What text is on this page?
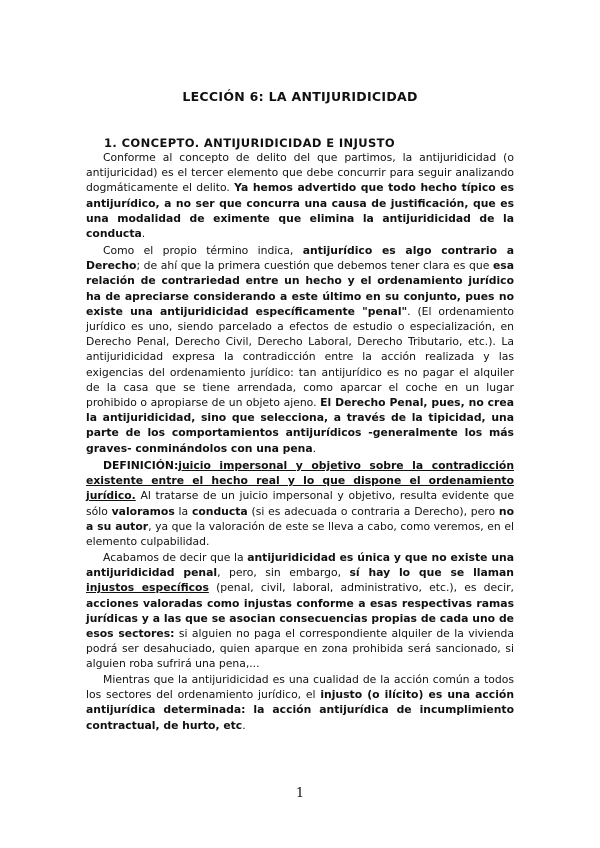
LECCIÓN 6: LA ANTIJURIDICIDAD
1. CONCEPTO. ANTIJURIDICIDAD E INJUSTO

Conforme al concepto de delito del que partimos, la antijuridicidad (o antijuricidad) es el tercer elemento que debe concurrir para seguir analizando dogmáticamente el delito. Ya hemos advertido que todo hecho típico es antijurídico, a no ser que concurra una causa de justificación, que es una modalidad de eximente que elimina la antijuridicidad de la conducta.

Como el propio término indica, antijurídico es algo contrario a Derecho; de ahí que la primera cuestión que debemos tener clara es que esa relación de contrariedad entre un hecho y el ordenamiento jurídico ha de apreciarse considerando a este último en su conjunto, pues no existe una antijuridicidad específicamente "penal". (El ordenamiento jurídico es uno, siendo parcelado a efectos de estudio o especialización, en Derecho Penal, Derecho Civil, Derecho Laboral, Derecho Tributario, etc.). La antijuridicidad expresa la contradicción entre la acción realizada y las exigencias del ordenamiento jurídico: tan antijurídico es no pagar el alquiler de la casa que se tiene arrendada, como aparcar el coche en un lugar prohibido o apropiarse de un objeto ajeno. El Derecho Penal, pues, no crea la antijuridicidad, sino que selecciona, a través de la tipicidad, una parte de los comportamientos antijurídicos -generalmente los más graves- conminándolos con una pena.

DEFINICIÓN:juicio impersonal y objetivo sobre la contradicción existente entre el hecho real y lo que dispone el ordenamiento jurídico. Al tratarse de un juicio impersonal y objetivo, resulta evidente que sólo valoramos la conducta (si es adecuada o contraria a Derecho), pero no a su autor, ya que la valoración de este se lleva a cabo, como veremos, en el elemento culpabilidad.

Acabamos de decir que la antijuridicidad es única y que no existe una antijuridicidad penal, pero, sin embargo, sí hay lo que se llaman injustos específicos (penal, civil, laboral, administrativo, etc.), es decir, acciones valoradas como injustas conforme a esas respectivas ramas jurídicas y a las que se asocian consecuencias propias de cada uno de esos sectores: si alguien no paga el correspondiente alquiler de la vivienda podrá ser desahuciado, quien aparque en zona prohibida será sancionado, si alguien roba sufrirá una pena,...

Mientras que la antijuridicidad es una cualidad de la acción común a todos los sectores del ordenamiento jurídico, el injusto (o ilícito) es una acción antijurídica determinada: la acción antijurídica de incumplimiento contractual, de hurto, etc.

1
